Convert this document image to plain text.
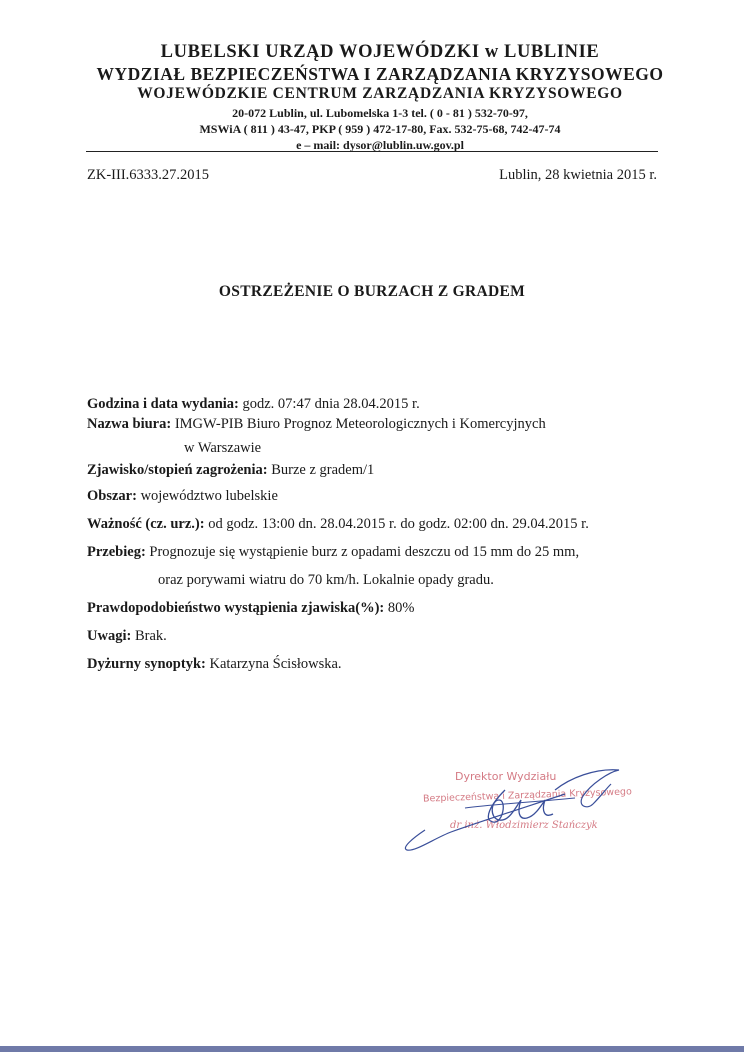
LUBELSKI URZĄD WOJEWÓDZKI w LUBLINIE
WYDZIAŁ BEZPIECZEŃSTWA I ZARZĄDZANIA KRYZYSOWEGO
WOJEWÓDZKIE CENTRUM ZARZĄDZANIA KRYZYSOWEGO
20-072 Lublin, ul. Lubomelska 1-3 tel. ( 0 - 81 ) 532-70-97,
MSWiA ( 811 ) 43-47, PKP ( 959 ) 472-17-80, Fax. 532-75-68, 742-47-74
e – mail: dysor@lublin.uw.gov.pl
ZK-III.6333.27.2015	Lublin, 28 kwietnia 2015 r.
OSTRZEŻENIE O BURZACH Z GRADEM
Godzina i data wydania: godz. 07:47 dnia 28.04.2015 r.
Nazwa biura: IMGW-PIB Biuro Prognoz Meteorologicznych i Komercyjnych
w Warszawie
Zjawisko/stopień zagrożenia: Burze z gradem/1
Obszar: województwo lubelskie
Ważność (cz. urz.): od godz. 13:00 dn. 28.04.2015 r. do godz. 02:00 dn. 29.04.2015 r.
Przebieg: Prognozuje się wystąpienie burz z opadami deszczu od 15 mm do 25 mm,
oraz porywami wiatru do 70 km/h. Lokalnie opady gradu.
Prawdopodobieństwo wystąpienia zjawiska(%): 80%
Uwagi: Brak.
Dyżurny synoptyk: Katarzyna Ścisłowska.
Dyrektor Wydziału
Bezpieczeństwa i Zarządzania Kryzysowego
dr inż. Włodzimierz Stańczyk
